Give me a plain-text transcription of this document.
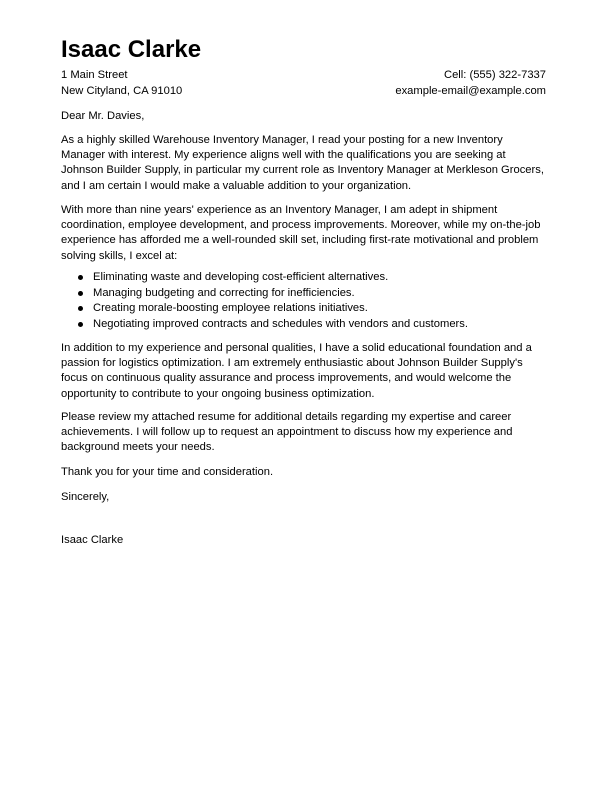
Isaac Clarke
1 Main Street	Cell: (555) 322-7337
New Cityland, CA 91010	example-email@example.com
Dear Mr. Davies,
As a highly skilled Warehouse Inventory Manager, I read your posting for a new Inventory Manager with interest. My experience aligns well with the qualifications you are seeking at Johnson Builder Supply, in particular my current role as Inventory Manager at Merkleson Grocers, and I am certain I would make a valuable addition to your organization.
With more than nine years' experience as an Inventory Manager, I am adept in shipment coordination, employee development, and process improvements. Moreover, while my on-the-job experience has afforded me a well-rounded skill set, including first-rate motivational and problem solving skills, I excel at:
Eliminating waste and developing cost-efficient alternatives.
Managing budgeting and correcting for inefficiencies.
Creating morale-boosting employee relations initiatives.
Negotiating improved contracts and schedules with vendors and customers.
In addition to my experience and personal qualities, I have a solid educational foundation and a passion for logistics optimization. I am extremely enthusiastic about Johnson Builder Supply's focus on continuous quality assurance and process improvements, and would welcome the opportunity to contribute to your ongoing business optimization.
Please review my attached resume for additional details regarding my expertise and career achievements. I will follow up to request an appointment to discuss how my experience and background meets your needs.
Thank you for your time and consideration.
Sincerely,
Isaac Clarke
